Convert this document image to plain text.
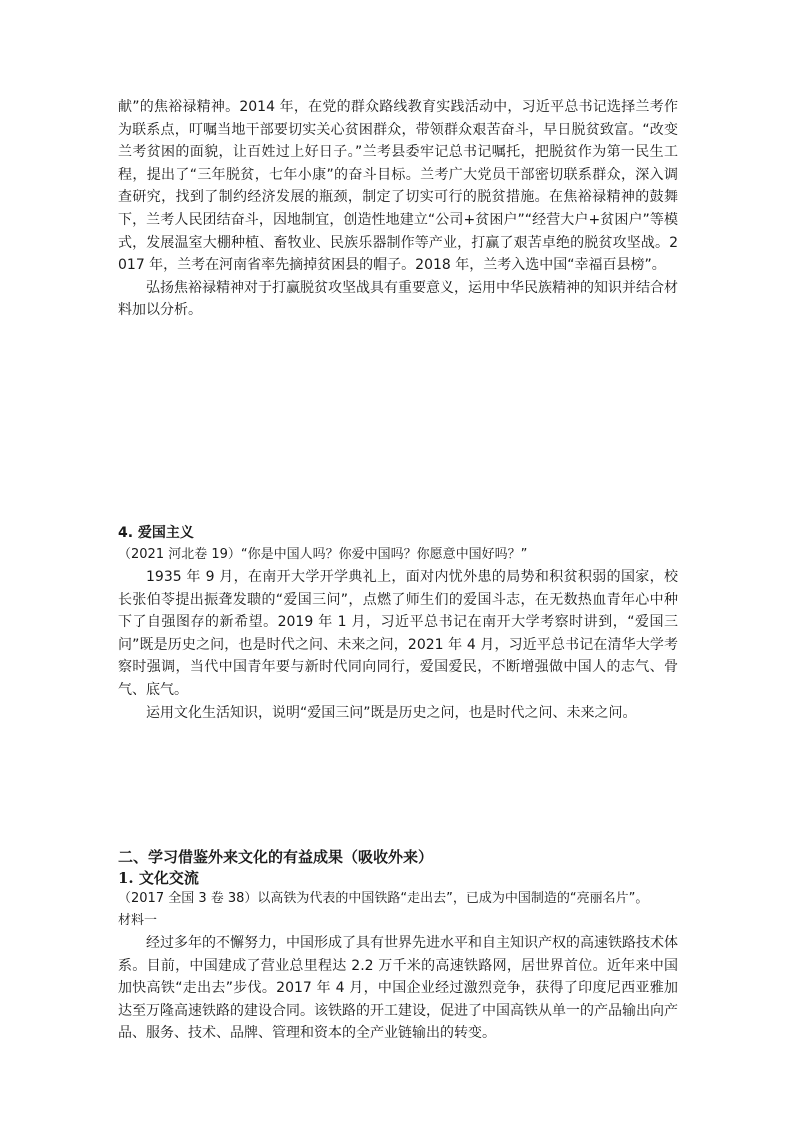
献”的焦裕禄精神。2014 年，在党的群众路线教育实践活动中，习近平总书记选择兰考作为联系点，叮嘱当地干部要切实关心贫困群众，带领群众艰苦奋斗，早日脱贫致富。“改变兰考贫困的面貌，让百姓过上好日子。”兰考县委牢记总书记嘱托，把脱贫作为第一民生工程，提出了“三年脱贫，七年小康”的奋斗目标。兰考广大党员干部密切联系群众，深入调查研究，找到了制约经济发展的瓶颈，制定了切实可行的脱贫措施。在焦裕禄精神的鼓舞下，兰考人民团结奋斗，因地制宜，创造性地建立“公司+贫困户”“经营大户+贫困户”等模式，发展温室大棚种植、畜牧业、民族乐器制作等产业，打赢了艰苦卓绝的脱贫攻坚战。2017 年，兰考在河南省率先摘掉贫困县的帽子。2018 年，兰考入选中国“幸福百县榜”。

弘扬焦裕禄精神对于打赢脱贫攻坚战具有重要意义，运用中华民族精神的知识并结合材料加以分析。

4. 爱国主义

（2021 河北卷 19）“你是中国人吗？你爱中国吗？你愿意中国好吗？”

1935 年 9 月，在南开大学开学典礼上，面对内忧外患的局势和积贫积弱的国家，校长张伯苓提出振聋发聩的“爱国三问”，点燃了师生们的爱国斗志，在无数热血青年心中种下了自强图存的新希望。2019 年 1 月，习近平总书记在南开大学考察时讲到，“爱国三问”既是历史之问，也是时代之问、未来之问，2021 年 4 月，习近平总书记在清华大学考察时强调，当代中国青年要与新时代同向同行，爱国爱民，不断增强做中国人的志气、骨气、底气。

运用文化生活知识，说明“爱国三问”既是历史之问，也是时代之问、未来之问。

二、学习借鉴外来文化的有益成果（吸收外来）

1. 文化交流

（2017 全国 3 卷 38）以高铁为代表的中国铁路“走出去”，已成为中国制造的“亮丽名片”。

材料一

经过多年的不懈努力，中国形成了具有世界先进水平和自主知识产权的高速铁路技术体系。目前，中国建成了营业总里程达 2.2 万千米的高速铁路网，居世界首位。近年来中国加快高铁“走出去”步伐。2017 年 4 月，中国企业经过激烈竞争，获得了印度尼西亚雅加达至万隆高速铁路的建设合同。该铁路的开工建设，促进了中国高铁从单一的产品输出向产品、服务、技术、品牌、管理和资本的全产业链输出的转变。
